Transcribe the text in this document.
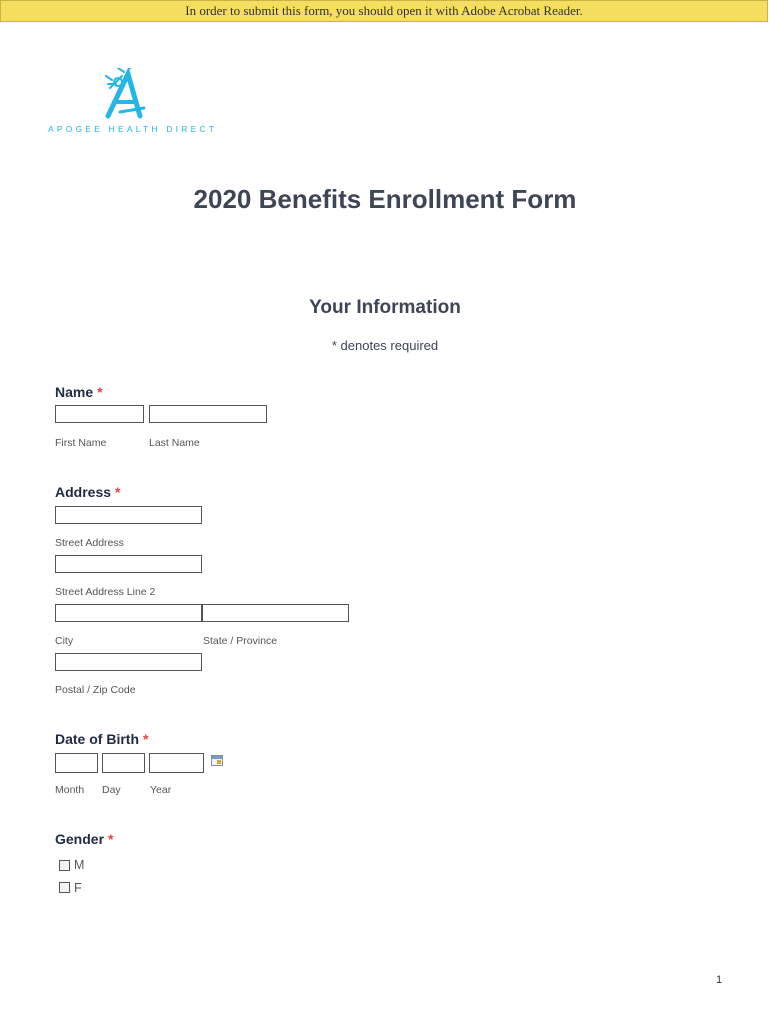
In order to submit this form, you should open it with Adobe Acrobat Reader.
APOGEE HEALTH DIRECT
2020 Benefits Enrollment Form
Your Information
* denotes required
Name *
First Name	Last Name
Address *
Street Address
Street Address Line 2
City	State / Province
Postal / Zip Code
Date of Birth *
Month Day	Year
Gender *
M
F
1
